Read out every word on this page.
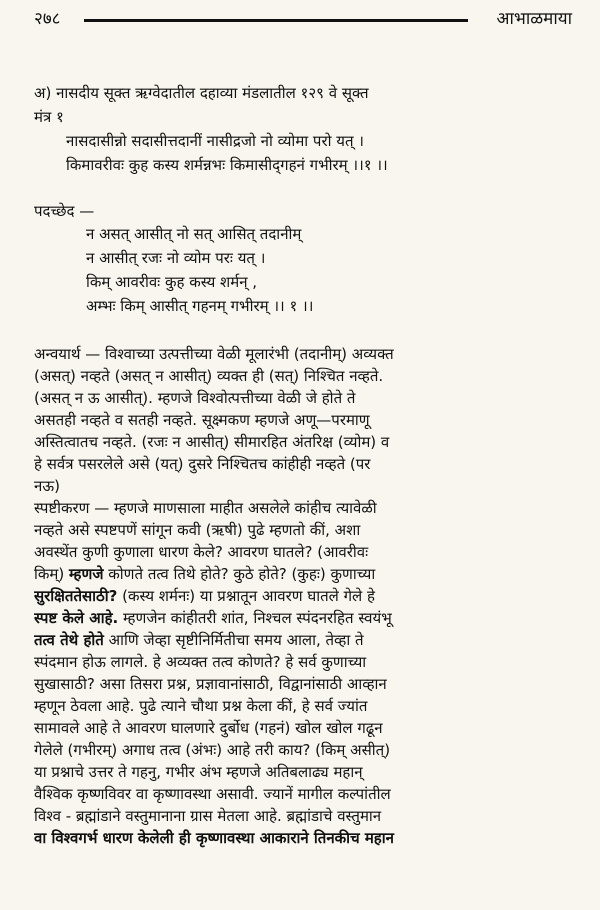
२७८	आभाळमाया
अ) नासदीय सूक्त ऋग्वेदातील दहाव्या मंडलातील १२९ वे सूक्त
मंत्र १
नासदासीन्नो सदासीत्तदानीं नासीद्रजो नो व्योमा परो यत् ।
किमावरीवः कुह कस्य शर्मन्नभः किमासीद्‌गहनं गभीरम् ।।१ ।।
पदच्छेद —
न असत् आसीत् नो सत् आसित् तदानीम्
न आसीत् रजः नो व्योम परः यत् ।
किम् आवरीवः कुह कस्य शर्मन् ,
अम्भः किम् आसीत् गहनम् गभीरम् ।। १ ।।
अन्वयार्थ — विश्वाच्या उत्पत्तीच्या वेळी मूलारंभी (तदानीम्) अव्यक्त
(असत्) नव्हते (असत् न आसीत्) व्यक्त ही (सत्) निश्चित नव्हते.
(असत् न ऊ आसीत्). म्हणजे विश्वोत्पत्तीच्या वेळी जे होते ते
असतही नव्हते व सतही नव्हते. सूक्ष्मकण म्हणजे अणू—परमाणू
अस्तित्वातच नव्हते. (रजः न आसीत्) सीमारहित अंतरिक्ष (व्योम) व
हे सर्वत्र पसरलेले असे (यत्) दुसरे निश्चितच कांहीही नव्हते (पर
नऊ)
स्पष्टीकरण — म्हणजे माणसाला माहीत असलेले कांहीच त्यावेळी
नव्हते असे स्पष्टपणें सांगून कवी (ऋषी) पुढे म्हणतो कीं, अशा
अवस्थेंत कुणी कुणाला धारण केले? आवरण घातले? (आवरीवः
किम्) म्हणजे कोणते तत्व तिथे होते? कुठे होते? (कुहः) कुणाच्या
सुरक्षिततेसाठी? (कस्य शर्मनः) या प्रश्नातून आवरण घातले गेले हे
स्पष्ट केले आहे. म्हणजेन कांहीतरी शांत, निश्चल स्पंदनरहित स्वयंभू
तत्व तेथे होते आणि जेव्हा सृष्टीनिर्मितीचा समय आला, तेव्हा ते
स्पंदमान होऊ लागले. हे अव्यक्त तत्व कोणते? हे सर्व कुणाच्या
सुखासाठी? असा तिसरा प्रश्न, प्रज्ञावानांसाठी, विद्वानांसाठी आव्हान
म्हणून ठेवला आहे. पुढे त्याने चौथा प्रश्न केला कीं, हे सर्व ज्यांत
सामावले आहे ते आवरण घालणारे दुर्बोध (गहनं) खोल खोल गढून
गेलेले (गभीरम्) अगाध तत्व (अंभः) आहे तरी काय? (किम् असीत्)
या प्रश्नाचे उत्तर ते गहनु, गभीर अंभ म्हणजे अतिबलाढ्य महान्
वैश्विक कृष्णविवर वा कृष्णावस्था असावी. ज्यानें मागील कल्पांतील
विश्व - ब्रह्मांडाने वस्तुमानाना ग्रास मेतला आहे. ब्रह्मांडाचे वस्तुमान
वा विश्वगर्भ धारण केलेली ही कृष्णावस्था आकाराने तिनकीच महान
